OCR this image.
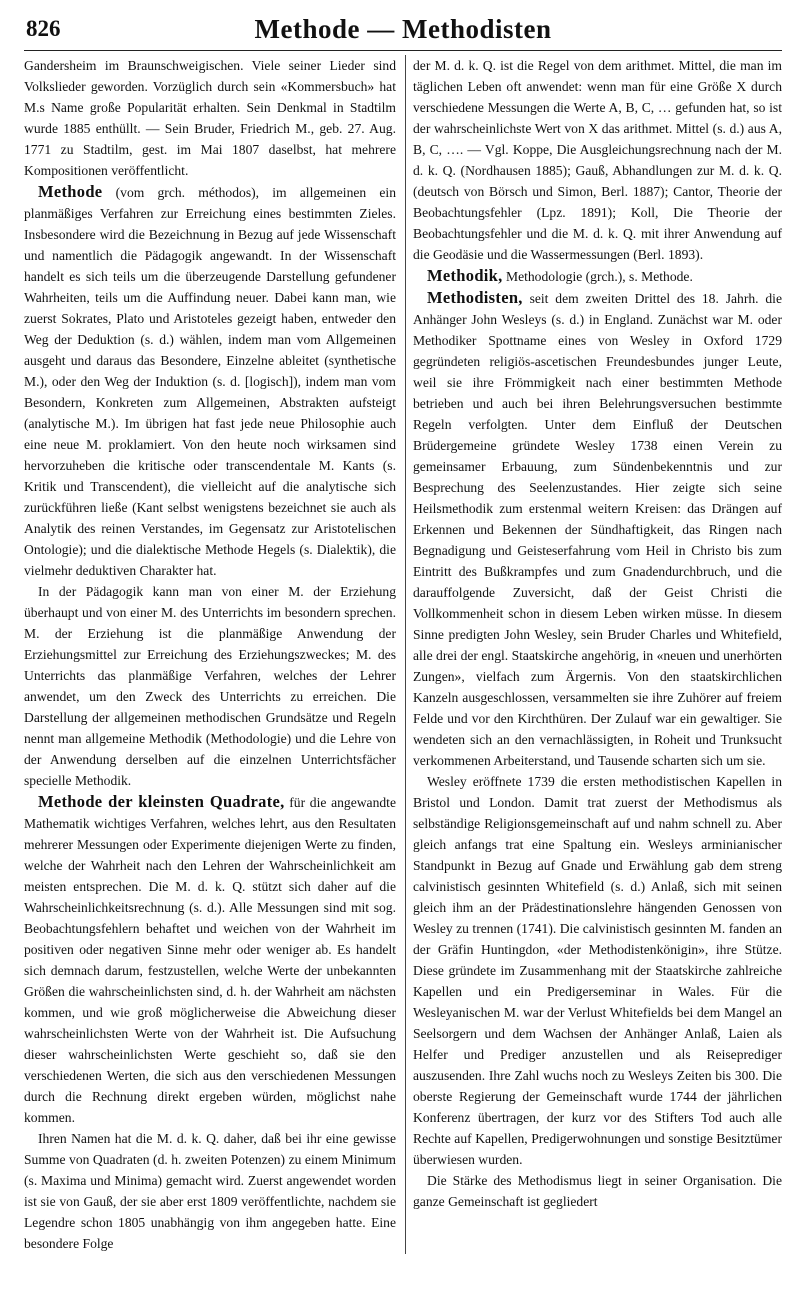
826	Methode — Methodisten

Gandersheim im Braunschweigischen. Viele seiner Lieder sind Volkslieder geworden. Vorzüglich durch sein «Kommersbuch» hat M.s Name große Popularität erhalten. Sein Denkmal in Stadtilm wurde 1885 enthüllt. — Sein Bruder, Friedrich M., geb. 27. Aug. 1771 zu Stadtilm, gest. im Mai 1807 daselbst, hat mehrere Kompositionen veröffentlicht.

Methode (vom grch. méthodos), im allgemeinen ein planmäßiges Verfahren zur Erreichung eines bestimmten Zieles. Insbesondere wird die Bezeichnung in Bezug auf jede Wissenschaft und namentlich die Pädagogik angewandt. In der Wissenschaft handelt es sich teils um die überzeugende Darstellung gefundener Wahrheiten, teils um die Auffindung neuer. Dabei kann man, wie zuerst Sokrates, Plato und Aristoteles gezeigt haben, entweder den Weg der Deduktion (s. d.) wählen, indem man vom Allgemeinen ausgeht und daraus das Besondere, Einzelne ableitet (synthetische M.), oder den Weg der Induktion (s. d. [logisch]), indem man vom Besondern, Konkreten zum Allgemeinen, Abstrakten aufsteigt (analytische M.). Im übrigen hat fast jede neue Philosophie auch eine neue M. proklamiert. Von den heute noch wirksamen sind hervorzuheben die kritische oder transcendentale M. Kants (s. Kritik und Transcendent), die vielleicht auf die analytische sich zurückführen ließe (Kant selbst wenigstens bezeichnet sie auch als Analytik des reinen Verstandes, im Gegensatz zur Aristotelischen Ontologie); und die dialektische Methode Hegels (s. Dialektik), die vielmehr deduktiven Charakter hat.

In der Pädagogik kann man von einer M. der Erziehung überhaupt und von einer M. des Unterrichts im besondern sprechen. M. der Erziehung ist die planmäßige Anwendung der Erziehungsmittel zur Erreichung des Erziehungszweckes; M. des Unterrichts das planmäßige Verfahren, welches der Lehrer anwendet, um den Zweck des Unterrichts zu erreichen. Die Darstellung der allgemeinen methodischen Grundsätze und Regeln nennt man allgemeine Methodik (Methodologie) und die Lehre von der Anwendung derselben auf die einzelnen Unterrichtsfächer specielle Methodik.

Methode der kleinsten Quadrate, für die angewandte Mathematik wichtiges Verfahren, welches lehrt, aus den Resultaten mehrerer Messungen oder Experimente diejenigen Werte zu finden, welche der Wahrheit nach den Lehren der Wahrscheinlichkeit am meisten entsprechen. Die M. d. k. Q. stützt sich daher auf die Wahrscheinlichkeitsrechnung (s. d.). Alle Messungen sind mit sog. Beobachtungsfehlern behaftet und weichen von der Wahrheit im positiven oder negativen Sinne mehr oder weniger ab. Es handelt sich demnach darum, festzustellen, welche Werte der unbekannten Größen die wahrscheinlichsten sind, d. h. der Wahrheit am nächsten kommen, und wie groß möglicherweise die Abweichung dieser wahrscheinlichsten Werte von der Wahrheit ist. Die Aufsuchung dieser wahrscheinlichsten Werte geschieht so, daß sie den verschiedenen Werten, die sich aus den verschiedenen Messungen durch die Rechnung direkt ergeben würden, möglichst nahe kommen.

Ihren Namen hat die M. d. k. Q. daher, daß bei ihr eine gewisse Summe von Quadraten (d. h. zweiten Potenzen) zu einem Minimum (s. Maxima und Minima) gemacht wird. Zuerst angewendet worden ist sie von Gauß, der sie aber erst 1809 veröffentlichte, nachdem sie Legendre schon 1805 unabhängig von ihm angegeben hatte. Eine besondere Folge

der M. d. k. Q. ist die Regel von dem arithmet. Mittel, die man im täglichen Leben oft anwendet: wenn man für eine Größe X durch verschiedene Messungen die Werte A, B, C, … gefunden hat, so ist der wahrscheinlichste Wert von X das arithmet. Mittel (s. d.) aus A, B, C, …. — Vgl. Koppe, Die Ausgleichungsrechnung nach der M. d. k. Q. (Nordhausen 1885); Gauß, Abhandlungen zur M. d. k. Q. (deutsch von Börsch und Simon, Berl. 1887); Cantor, Theorie der Beobachtungsfehler (Lpz. 1891); Koll, Die Theorie der Beobachtungsfehler und die M. d. k. Q. mit ihrer Anwendung auf die Geodäsie und die Wassermessungen (Berl. 1893).

Methodik, Methodologie (grch.), s. Methode.

Methodisten, seit dem zweiten Drittel des 18. Jahrh. die Anhänger John Wesleys (s. d.) in England. Zunächst war M. oder Methodiker Spottname eines von Wesley in Oxford 1729 gegründeten religiös-ascetischen Freundesbundes junger Leute, weil sie ihre Frömmigkeit nach einer bestimmten Methode betrieben und auch bei ihren Belehrungsversuchen bestimmte Regeln verfolgten. Unter dem Einfluß der Deutschen Brüdergemeine gründete Wesley 1738 einen Verein zu gemeinsamer Erbauung, zum Sündenbekenntnis und zur Besprechung des Seelenzustandes. Hier zeigte sich seine Heilsmethodik zum erstenmal weitern Kreisen: das Drängen auf Erkennen und Bekennen der Sündhaftigkeit, das Ringen nach Begnadigung und Geisteserfahrung vom Heil in Christo bis zum Eintritt des Bußkrampfes und zum Gnadendurchbruch, und die darauffolgende Zuversicht, daß der Geist Christi die Vollkommenheit schon in diesem Leben wirken müsse. In diesem Sinne predigten John Wesley, sein Bruder Charles und Whitefield, alle drei der engl. Staatskirche angehörig, in «neuen und unerhörten Zungen», vielfach zum Ärgernis. Von den staatskirchlichen Kanzeln ausgeschlossen, versammelten sie ihre Zuhörer auf freiem Felde und vor den Kirchthüren. Der Zulauf war ein gewaltiger. Sie wendeten sich an den vernachlässigten, in Roheit und Trunksucht verkommenen Arbeiterstand, und Tausende scharten sich um sie.

Wesley eröffnete 1739 die ersten methodistischen Kapellen in Bristol und London. Damit trat zuerst der Methodismus als selbständige Religionsgemeinschaft auf und nahm schnell zu. Aber gleich anfangs trat eine Spaltung ein. Wesleys arminianischer Standpunkt in Bezug auf Gnade und Erwählung gab dem streng calvinistisch gesinnten Whitefield (s. d.) Anlaß, sich mit seinen gleich ihm an der Prädestinationslehre hängenden Genossen von Wesley zu trennen (1741). Die calvinistisch gesinnten M. fanden an der Gräfin Huntingdon, «der Methodistenkönigin», ihre Stütze. Diese gründete im Zusammenhang mit der Staatskirche zahlreiche Kapellen und ein Predigerseminar in Wales. Für die Wesleyanischen M. war der Verlust Whitefields bei dem Mangel an Seelsorgern und dem Wachsen der Anhänger Anlaß, Laien als Helfer und Prediger anzustellen und als Reiseprediger auszusenden. Ihre Zahl wuchs noch zu Wesleys Zeiten bis 300. Die oberste Regierung der Gemeinschaft wurde 1744 der jährlichen Konferenz übertragen, der kurz vor des Stifters Tod auch alle Rechte auf Kapellen, Predigerwohnungen und sonstige Besitztümer überwiesen wurden.

Die Stärke des Methodismus liegt in seiner Organisation. Die ganze Gemeinschaft ist gegliedert
